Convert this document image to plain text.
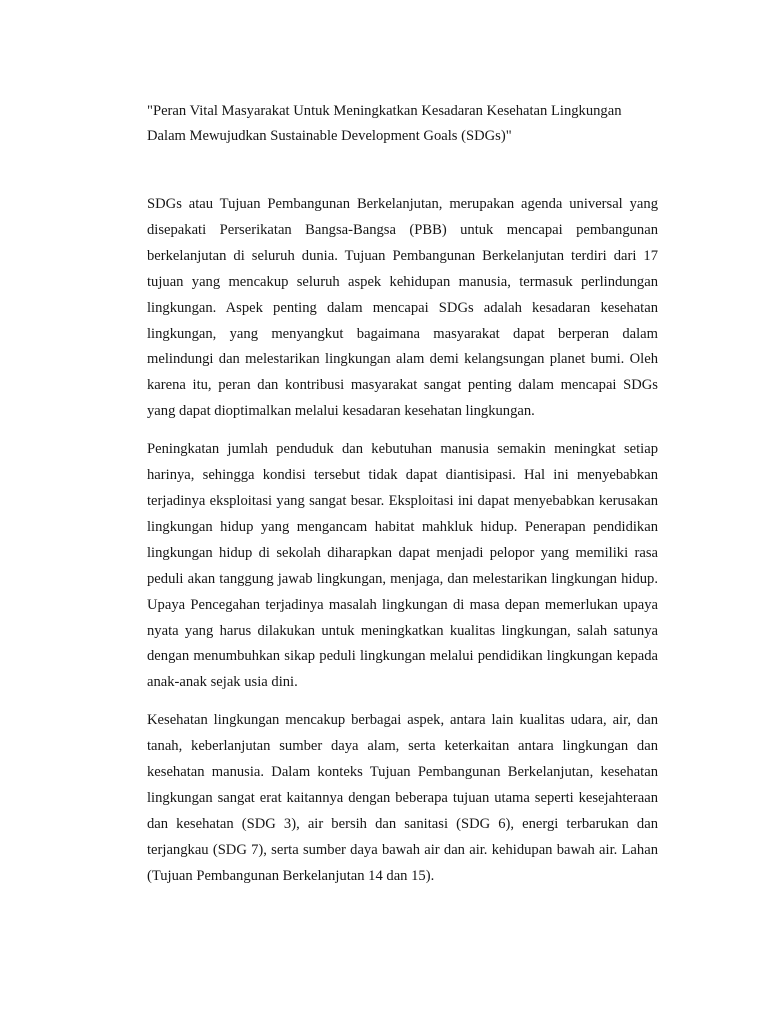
"Peran Vital Masyarakat Untuk Meningkatkan Kesadaran Kesehatan Lingkungan Dalam Mewujudkan Sustainable Development Goals (SDGs)"

SDGs atau Tujuan Pembangunan Berkelanjutan, merupakan agenda universal yang disepakati Perserikatan Bangsa-Bangsa (PBB) untuk mencapai pembangunan berkelanjutan di seluruh dunia. Tujuan Pembangunan Berkelanjutan terdiri dari 17 tujuan yang mencakup seluruh aspek kehidupan manusia, termasuk perlindungan lingkungan. Aspek penting dalam mencapai SDGs adalah kesadaran kesehatan lingkungan, yang menyangkut bagaimana masyarakat dapat berperan dalam melindungi dan melestarikan lingkungan alam demi kelangsungan planet bumi. Oleh karena itu, peran dan kontribusi masyarakat sangat penting dalam mencapai SDGs yang dapat dioptimalkan melalui kesadaran kesehatan lingkungan.

Peningkatan jumlah penduduk dan kebutuhan manusia semakin meningkat setiap harinya, sehingga kondisi tersebut tidak dapat diantisipasi. Hal ini menyebabkan terjadinya eksploitasi yang sangat besar. Eksploitasi ini dapat menyebabkan kerusakan lingkungan hidup yang mengancam habitat mahkluk hidup. Penerapan pendidikan lingkungan hidup di sekolah diharapkan dapat menjadi pelopor yang memiliki rasa peduli akan tanggung jawab lingkungan, menjaga, dan melestarikan lingkungan hidup. Upaya Pencegahan terjadinya masalah lingkungan di masa depan memerlukan upaya nyata yang harus dilakukan untuk meningkatkan kualitas lingkungan, salah satunya dengan menumbuhkan sikap peduli lingkungan melalui pendidikan lingkungan kepada anak-anak sejak usia dini.

Kesehatan lingkungan mencakup berbagai aspek, antara lain kualitas udara, air, dan tanah, keberlanjutan sumber daya alam, serta keterkaitan antara lingkungan dan kesehatan manusia. Dalam konteks Tujuan Pembangunan Berkelanjutan, kesehatan lingkungan sangat erat kaitannya dengan beberapa tujuan utama seperti kesejahteraan dan kesehatan (SDG 3), air bersih dan sanitasi (SDG 6), energi terbarukan dan terjangkau (SDG 7), serta sumber daya bawah air dan air. kehidupan bawah air. Lahan (Tujuan Pembangunan Berkelanjutan 14 dan 15).
